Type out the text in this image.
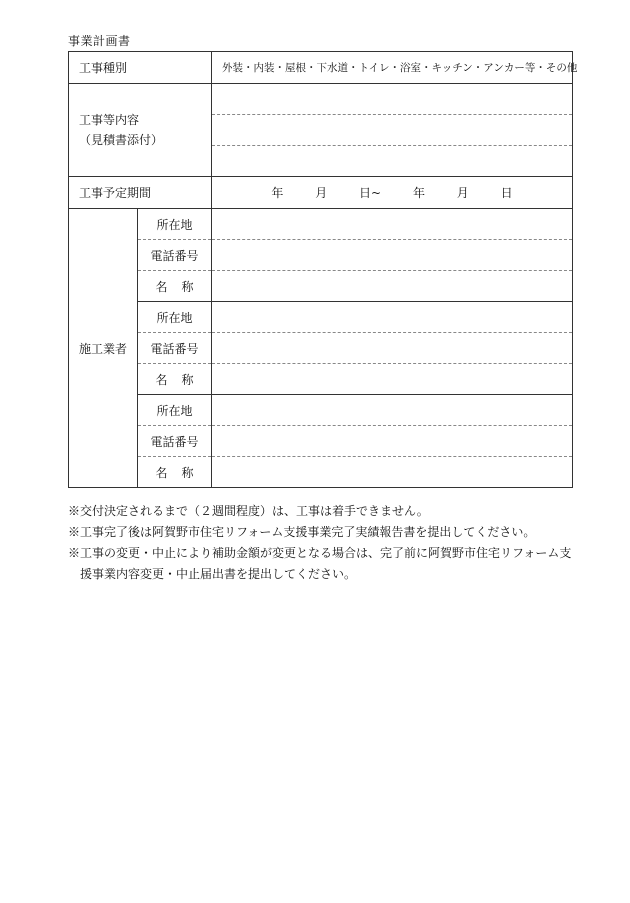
事業計画書
工事種別		外装・内装・屋根・下水道・トイレ・浴室・キッチン・アンカー等・その他

工事等内容
（見積書添付）		

工事予定期間		年 月 日~ 年 月 日
施工業者	所在地	
	電話番号	
	名 称	
	所在地	
	電話番号	
	名 称	
	所在地	
	電話番号	
	名 称	

※交付決定されるまで（２週間程度）は、工事は着手できません。

※工事完了後は阿賀野市住宅リフォーム支援事業完了実績報告書を提出してください。

※工事の変更・中止により補助金額が変更となる場合は、完了前に阿賀野市住宅リフォーム支

援事業内容変更・中止届出書を提出してください。
